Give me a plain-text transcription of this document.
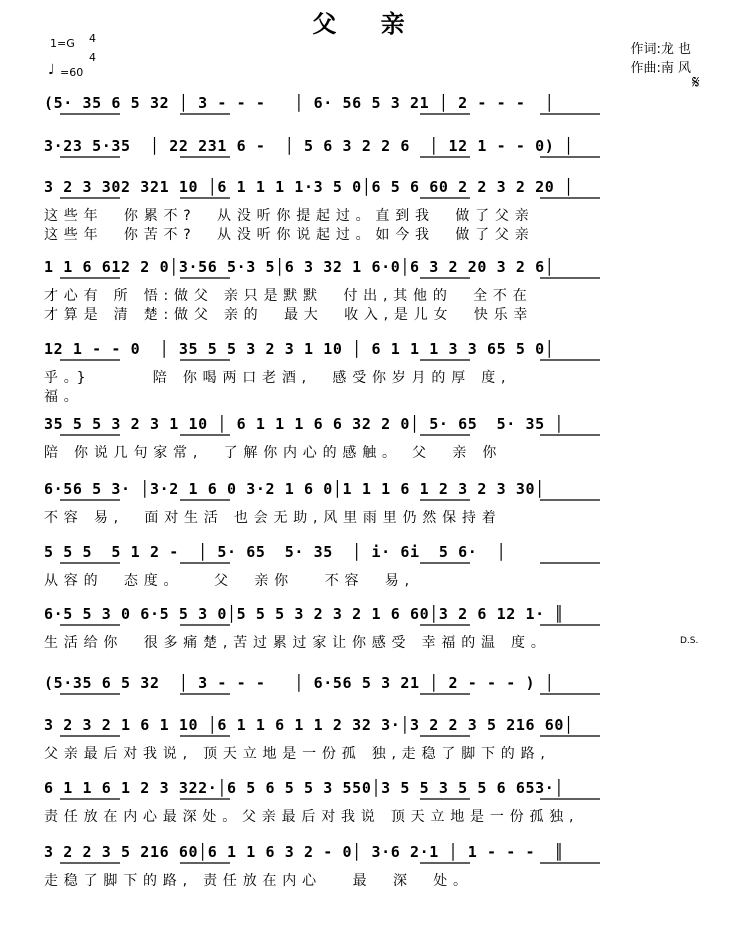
父 亲
1=G 4
4
♩ =60
作词:龙 也
作曲:南 风
𝄋
D.S.
(5· 35 6 5 32 │ 3 - - -   │ 6· 56 5 3 21 │ 2 - - -  │
3·23 5·35  │ 22 231 6 -  │ 5 6 3 2 2 6  │ 12 1 - - 0) │
3 2 3 302 321 10 │6 1 1 1 1·3 5 0│6 5 6 60 2 2 3 2 20 │
这些年  你累不?  从没听你提起过。直到我  做了父亲
这些年  你苦不?  从没听你说起过。如今我  做了父亲
1 1 6 612 2 0│3·56 5·3 5│6 3 32 1 6·0│6 3 2 20 3 2 6│
才心有 所 悟:做父 亲只是默默  付出,其他的  全不在
才算是 清 楚:做父 亲的  最大  收入,是儿女  快乐幸
12 1 - - 0  │ 35 5 5 3 2 3 1 10 │ 6 1 1 1 3 3 65 5 0│
乎。}      陪 你喝两口老酒,  感受你岁月的厚 度,
福。
35 5 5 3 2 3 1 10 │ 6 1 1 1 6 6 32 2 0│ 5· 65  5· 35 │
陪 你说几句家常,  了解你内心的感触。 父  亲 你
6·56 5 3· │3·2 1 6 0 3·2 1 6 0│1 1 1 6 1 2 3 2 3 30│
不容 易,  面对生活 也会无助,风里雨里仍然保持着
5 5 5  5 1 2 -  │ 5· 65  5· 35  │ i· 6i  5 6·  │
从容的  态度。   父  亲你   不容  易,
6·5 5 3 0 6·5 5 3 0│5 5 5 3 2 3 2 1 6 60│3 2 6 12 1· ║
生活给你  很多痛楚,苦过累过家让你感受 幸福的温 度。
(5·35 6 5 32  │ 3 - - -   │ 6·56 5 3 21 │ 2 - - - ) │
3 2 3 2 1 6 1 10 │6 1 1 6 1 1 2 32 3·│3 2 2 3 5 216 60│
父亲最后对我说, 顶天立地是一份孤 独,走稳了脚下的路,
6 1 1 6 1 2 3 322·│6 5 6 5 5 3 550│3 5 5 3 5 5 6 653·│
责任放在内心最深处。父亲最后对我说 顶天立地是一份孤独,
3 2 2 3 5 216 60│6 1 1 6 3 2 - 0│ 3·6 2·1 │ 1 - - -  ║
走稳了脚下的路, 责任放在内心   最  深  处。
